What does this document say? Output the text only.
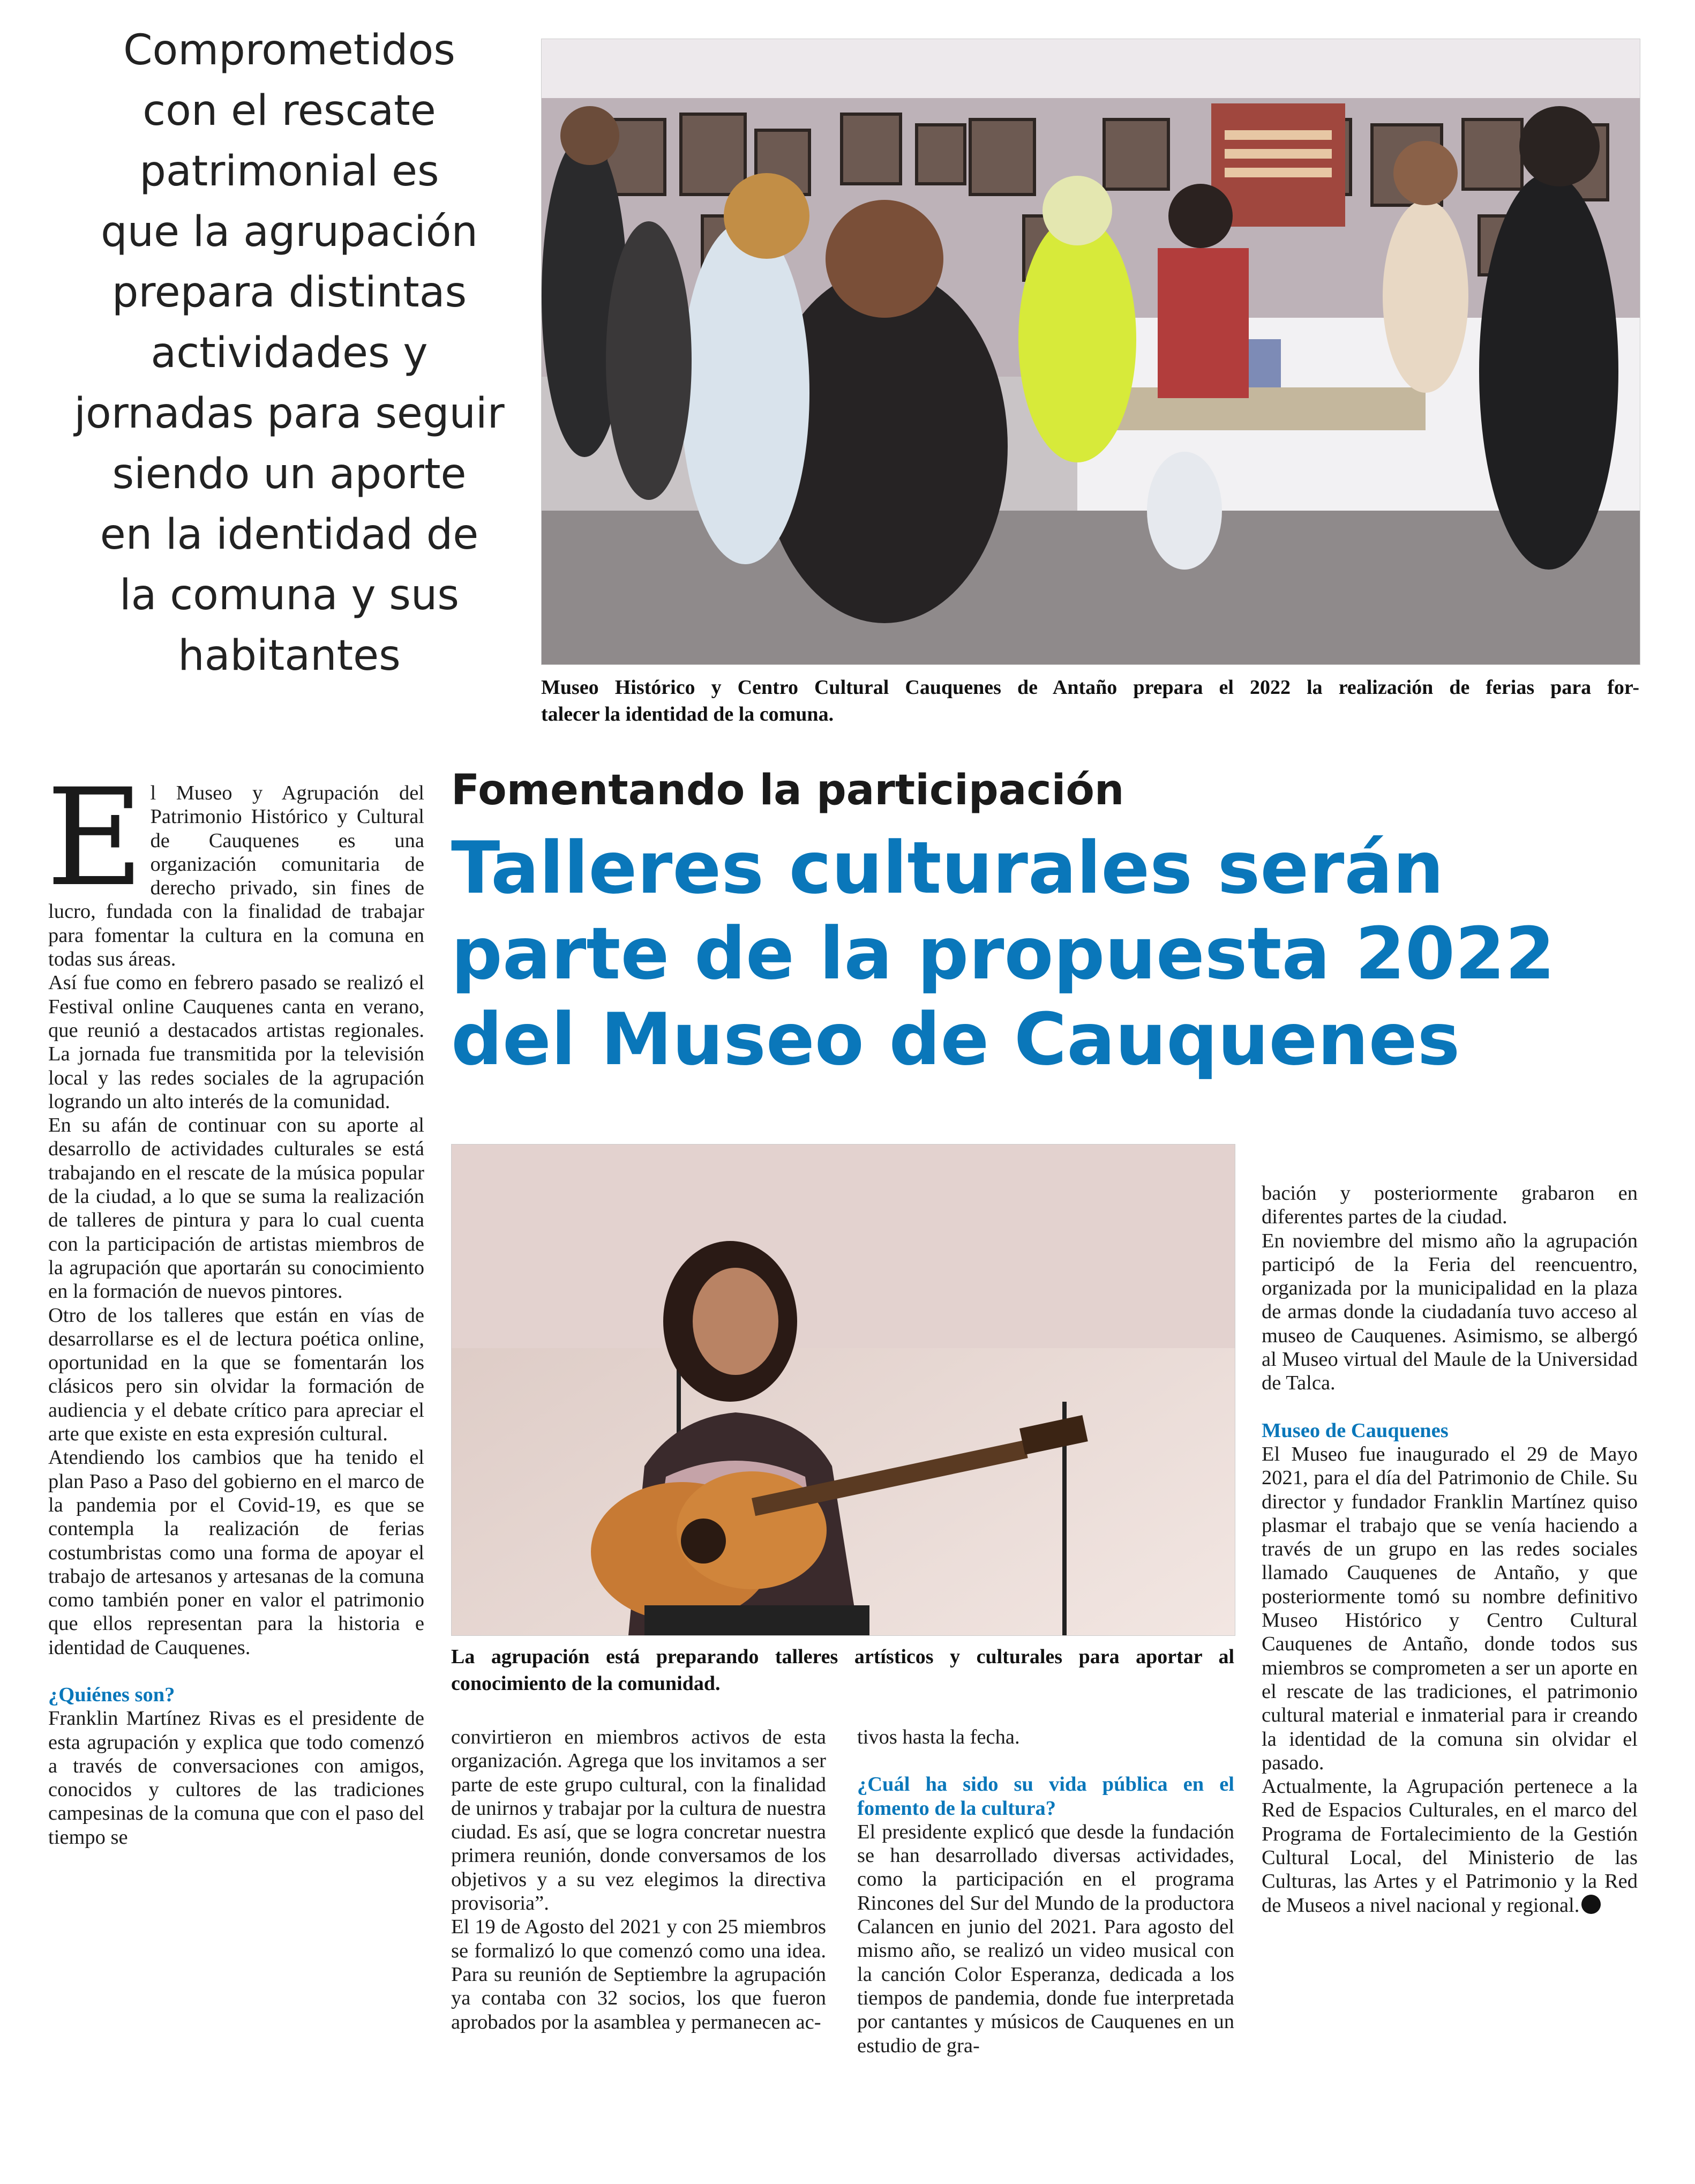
Comprometidos
con el rescate
patrimonial es
que la agrupación
prepara distintas
actividades y
jornadas para seguir
siendo un aporte
en la identidad de
la comuna y sus
habitantes
Museo Histórico y Centro Cultural Cauquenes de Antaño prepara el 2022 la realización de ferias para for-
talecer la identidad de la comuna.
Fomentando la participación
Talleres culturales serán
parte de la propuesta 2022
del Museo de Cauquenes
La agrupación está preparando talleres artísticos y culturales para aportar al
conocimiento de la comunidad.
E l Museo y Agrupación del Patrimonio Histórico y Cultural de Cauquenes es una organización comunitaria de derecho privado, sin fines de lucro, fundada con la finalidad de trabajar para fomentar la cultura en la comuna en todas sus áreas.

Así fue como en febrero pasado se realizó el Festival online Cauquenes canta en verano, que reunió a destacados artistas regionales. La jornada fue transmitida por la televisión local y las redes sociales de la agrupación logrando un alto interés de la comunidad.

En su afán de continuar con su aporte al desarrollo de actividades culturales se está trabajando en el rescate de la música popular de la ciudad, a lo que se suma la realización de talleres de pintura y para lo cual cuenta con la participación de artistas miembros de la agrupación que aportarán su conocimiento en la formación de nuevos pintores.

Otro de los talleres que están en vías de desarrollarse es el de lectura poética online, oportunidad en la que se fomentarán los clásicos pero sin olvidar la formación de audiencia y el debate crítico para apreciar el arte que existe en esta expresión cultural.

Atendiendo los cambios que ha tenido el plan Paso a Paso del gobierno en el marco de la pandemia por el Covid-19, es que se contempla la realización de ferias costumbristas como una forma de apoyar el trabajo de artesanos y artesanas de la comuna como también poner en valor el patrimonio que ellos representan para la historia e identidad de Cauquenes.

¿Quiénes son?

Franklin Martínez Rivas es el presidente de esta agrupación y explica que todo comenzó a través de conversaciones con amigos, conocidos y cultores de las tradiciones campesinas de la comuna que con el paso del tiempo se

convirtieron en miembros activos de esta organización. Agrega que los invitamos a ser parte de este grupo cultural, con la finalidad de unirnos y trabajar por la cultura de nuestra ciudad. Es así, que se logra concretar nuestra primera reunión, donde conversamos de los objetivos y a su vez elegimos la directiva provisoria”.

El 19 de Agosto del 2021 y con 25 miembros se formalizó lo que comenzó como una idea. Para su reunión de Septiembre la agrupación ya contaba con 32 socios, los que fueron aprobados por la asamblea y permanecen ac-

tivos hasta la fecha.

¿Cuál ha sido su vida pública en el fomento de la cultura?

El presidente explicó que desde la fundación se han desarrollado diversas actividades, como la participación en el programa Rincones del Sur del Mundo de la productora Calancen en junio del 2021. Para agosto del mismo año, se realizó un video musical con la canción Color Esperanza, dedicada a los tiempos de pandemia, donde fue interpretada por cantantes y músicos de Cauquenes en un estudio de gra-

bación y posteriormente grabaron en diferentes partes de la ciudad.

En noviembre del mismo año la agrupación participó de la Feria del reencuentro, organizada por la municipalidad en la plaza de armas donde la ciudadanía tuvo acceso al museo de Cauquenes. Asimismo, se albergó al Museo virtual del Maule de la Universidad de Talca.

Museo de Cauquenes

El Museo fue inaugurado el 29 de Mayo 2021, para el día del Patrimonio de Chile. Su director y fundador Franklin Martínez quiso plasmar el trabajo que se venía haciendo a través de un grupo en las redes sociales llamado Cauquenes de Antaño, y que posteriormente tomó su nombre definitivo Museo Histórico y Centro Cultural Cauquenes de Antaño, donde todos sus miembros se comprometen a ser un aporte en el rescate de las tradiciones, el patrimonio cultural material e inmaterial para ir creando la identidad de la comuna sin olvidar el pasado.

Actualmente, la Agrupación pertenece a la Red de Espacios Culturales, en el marco del Programa de Fortalecimiento de la Gestión Cultural Local, del Ministerio de las Culturas, las Artes y el Patrimonio y la Red de Museos a nivel nacional y regional.
